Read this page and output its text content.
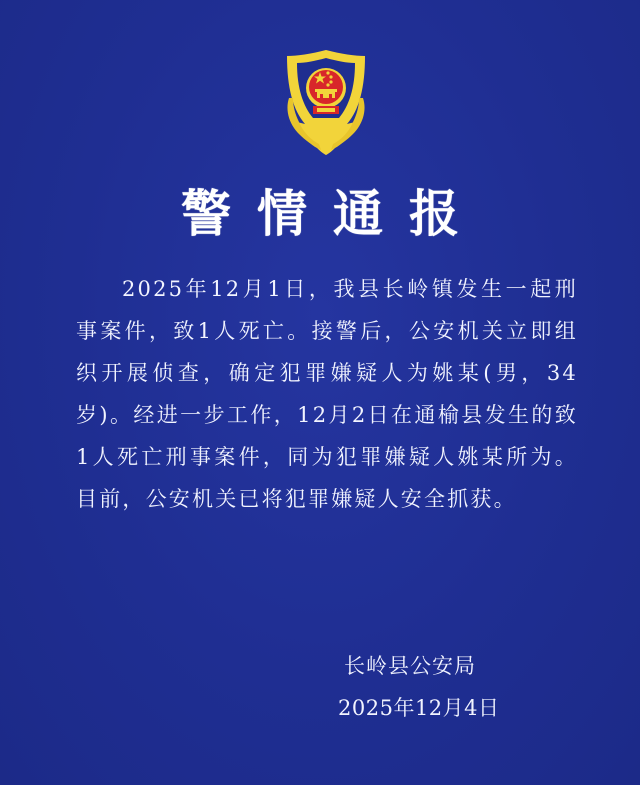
警情通报
2025年12月1日，我县长岭镇发生一起刑事案件，致1人死亡。接警后，公安机关立即组织开展侦查，确定犯罪嫌疑人为姚某(男，34岁)。经进一步工作，12月2日在通榆县发生的致1人死亡刑事案件，同为犯罪嫌疑人姚某所为。目前，公安机关已将犯罪嫌疑人安全抓获。
长岭县公安局
2025年12月4日
